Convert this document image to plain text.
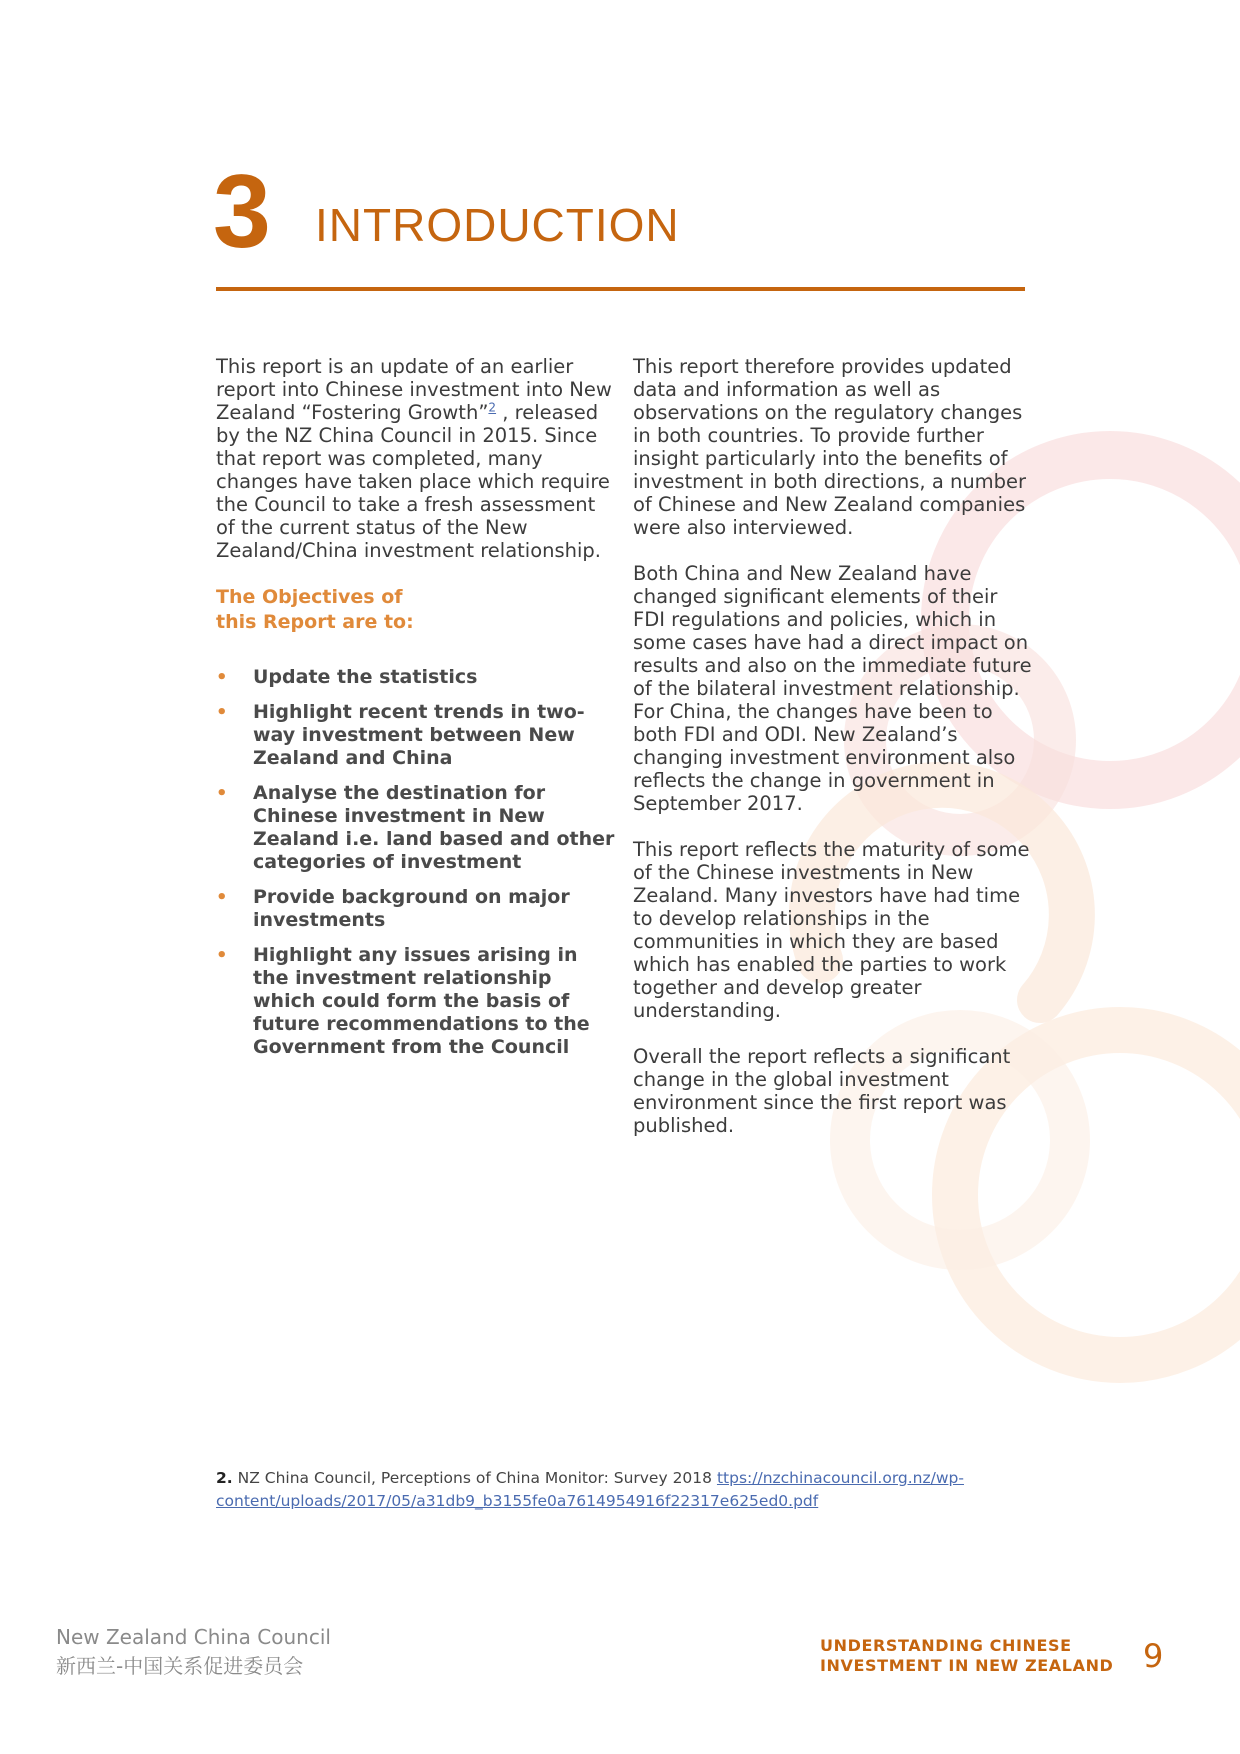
3 INTRODUCTION

This report is an update of an earlier report into Chinese investment into New Zealand “Fostering Growth”$^2$ , released by the NZ China Council in 2015. Since that report was completed, many changes have taken place which require the Council to take a fresh assessment of the current status of the New Zealand/China investment relationship.

The Objectives of
this Report are to:
• Update the statistics
• Highlight recent trends in two-way investment between New Zealand and China
• Analyse the destination for Chinese investment in New Zealand i.e. land based and other categories of investment
• Provide background on major investments
• Highlight any issues arising in the investment relationship which could form the basis of future recommendations to the Government from the Council

This report therefore provides updated data and information as well as observations on the regulatory changes in both countries. To provide further insight particularly into the benefits of investment in both directions, a number of Chinese and New Zealand companies were also interviewed.

Both China and New Zealand have changed significant elements of their FDI regulations and policies, which in some cases have had a direct impact on results and also on the immediate future of the bilateral investment relationship. For China, the changes have been to both FDI and ODI. New Zealand’s changing investment environment also reflects the change in government in September 2017.

This report reflects the maturity of some of the Chinese investments in New Zealand. Many investors have had time to develop relationships in the communities in which they are based which has enabled the parties to work together and develop greater understanding.

Overall the report reflects a significant change in the global investment environment since the first report was published.

2. NZ China Council, Perceptions of China Monitor: Survey 2018 ttps://nzchinacouncil.org.nz/wp-content/uploads/2017/05/a31db9_b3155fe0a7614954916f22317e625ed0.pdf
New Zealand China Council
新西兰-中国关系促进委员会
UNDERSTANDING CHINESE
INVESTMENT IN NEW ZEALAND 9
